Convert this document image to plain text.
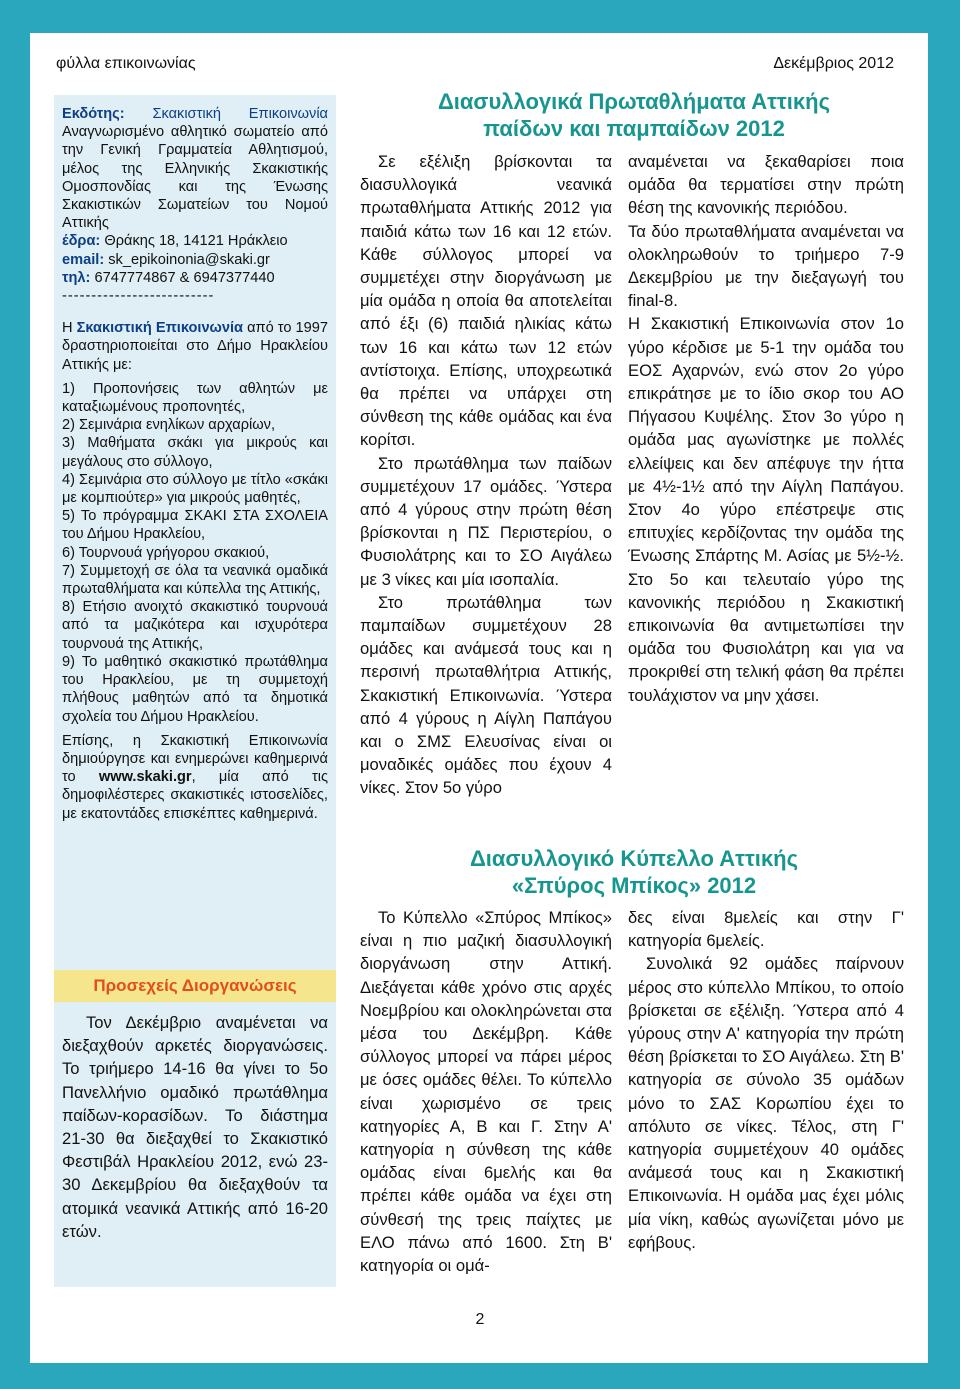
φύλλα επικοινωνίας	Δεκέμβριος 2012

Εκδότης: Σκακιστική Επικοινωνία Αναγνωρισμένο αθλητικό σωματείο από την Γενική Γραμματεία Αθλητισμού, μέλος της Ελληνικής Σκακιστικής Ομοσπονδίας και της Ένωσης Σκακιστικών Σωματείων του Νομού Αττικής

έδρα: Θράκης 18, 14121 Ηράκλειο

email: sk_epikoinonia@skaki.gr

τηλ: 6747774867 & 6947377440

--------------------------

Η Σκακιστική Επικοινωνία από το 1997 δραστηριοποιείται στο Δήμο Ηρακλείου Αττικής με:

1) Προπονήσεις των αθλητών με καταξιωμένους προπονητές,

2) Σεμινάρια ενηλίκων αρχαρίων,

3) Μαθήματα σκάκι για μικρούς και μεγάλους στο σύλλογο,

4) Σεμινάρια στο σύλλογο με τίτλο «σκάκι με κομπιούτερ» για μικρούς μαθητές,

5) Το πρόγραμμα ΣΚΑΚΙ ΣΤΑ ΣΧΟΛΕΙΑ του Δήμου Ηρακλείου,

6) Τουρνουά γρήγορου σκακιού,

7) Συμμετοχή σε όλα τα νεανικά ομαδικά πρωταθλήματα και κύπελλα της Αττικής,

8) Ετήσιο ανοιχτό σκακιστικό τουρνουά από τα μαζικότερα και ισχυρότερα τουρνουά της Αττικής,

9) Το μαθητικό σκακιστικό πρωτάθλημα του Ηρακλείου, με τη συμμετοχή πλήθους μαθητών από τα δημοτικά σχολεία του Δήμου Ηρακλείου.

Επίσης, η Σκακιστική Επικοινωνία δημιούργησε και ενημερώνει καθημερινά το www.skaki.gr, μία από τις δημοφιλέστερες σκακιστικές ιστοσελίδες, με εκατοντάδες επισκέπτες καθημερινά.

Προσεχείς Διοργανώσεις

Τον Δεκέμβριο αναμένεται να διεξαχθούν αρκετές διοργανώσεις. Το τριήμερο 14-16 θα γίνει το 5ο Πανελλήνιο ομαδικό πρωτάθλημα παίδων-κορασίδων. Το διάστημα 21-30 θα διεξαχθεί το Σκακιστικό Φεστιβάλ Ηρακλείου 2012, ενώ 23-30 Δεκεμβρίου θα διεξαχθούν τα ατομικά νεανικά Αττικής από 16-20 ετών.

Διασυλλογικά Πρωταθλήματα Αττικής
παίδων και παμπαίδων 2012

Σε εξέλιξη βρίσκονται τα διασυλλογικά νεανικά πρωταθλήματα Αττικής 2012 για παιδιά κάτω των 16 και 12 ετών. Κάθε σύλλογος μπορεί να συμμετέχει στην διοργάνωση με μία ομάδα η οποία θα αποτελείται από έξι (6) παιδιά ηλικίας κάτω των 16 και κάτω των 12 ετών αντίστοιχα. Επίσης, υποχρεωτικά θα πρέπει να υπάρχει στη σύνθεση της κάθε ομάδας και ένα κορίτσι.

Στο πρωτάθλημα των παίδων συμμετέχουν 17 ομάδες. Ύστερα από 4 γύρους στην πρώτη θέση βρίσκονται η ΠΣ Περιστερίου, ο Φυσιολάτρης και το ΣΟ Αιγάλεω με 3 νίκες και μία ισοπαλία.

Στο πρωτάθλημα των παμπαίδων συμμετέχουν 28 ομάδες και ανάμεσά τους και η περσινή πρωταθλήτρια Αττικής, Σκακιστική Επικοινωνία. Ύστερα από 4 γύρους η Αίγλη Παπάγου και ο ΣΜΣ Ελευσίνας είναι οι μοναδικές ομάδες που έχουν 4 νίκες. Στον 5ο γύρο

αναμένεται να ξεκαθαρίσει ποια ομάδα θα τερματίσει στην πρώτη θέση της κανονικής περιόδου.

Τα δύο πρωταθλήματα αναμένεται να ολοκληρωθούν το τριήμερο 7-9 Δεκεμβρίου με την διεξαγωγή του final-8.

Η Σκακιστική Επικοινωνία στον 1ο γύρο κέρδισε με 5-1 την ομάδα του ΕΟΣ Αχαρνών, ενώ στον 2ο γύρο επικράτησε με το ίδιο σκορ του ΑΟ Πήγασου Κυψέλης. Στον 3ο γύρο η ομάδα μας αγωνίστηκε με πολλές ελλείψεις και δεν απέφυγε την ήττα με 4½-1½ από την Αίγλη Παπάγου. Στον 4ο γύρο επέστρεψε στις επιτυχίες κερδίζοντας την ομάδα της Ένωσης Σπάρτης Μ. Ασίας με 5½-½. Στο 5ο και τελευταίο γύρο της κανονικής περιόδου η Σκακιστική επικοινωνία θα αντιμετωπίσει την ομάδα του Φυσιολάτρη και για να προκριθεί στη τελική φάση θα πρέπει τουλάχιστον να μην χάσει.

Διασυλλογικό Κύπελλο Αττικής
«Σπύρος Μπίκος» 2012

Το Κύπελλο «Σπύρος Μπίκος» είναι η πιο μαζική διασυλλογική διοργάνωση στην Αττική. Διεξάγεται κάθε χρόνο στις αρχές Νοεμβρίου και ολοκληρώνεται στα μέσα του Δεκέμβρη. Κάθε σύλλογος μπορεί να πάρει μέρος με όσες ομάδες θέλει. Το κύπελλο είναι χωρισμένο σε τρεις κατηγορίες Α, Β και Γ. Στην Α' κατηγορία η σύνθεση της κάθε ομάδας είναι 6μελής και θα πρέπει κάθε ομάδα να έχει στη σύνθεσή της τρεις παίχτες με ΕΛΟ πάνω από 1600. Στη Β' κατηγορία οι ομά-

δες είναι 8μελείς και στην Γ' κατηγορία 6μελείς.

Συνολικά 92 ομάδες παίρνουν μέρος στο κύπελλο Μπίκου, το οποίο βρίσκεται σε εξέλιξη. Ύστερα από 4 γύρους στην Α' κατηγορία την πρώτη θέση βρίσκεται το ΣΟ Αιγάλεω. Στη Β' κατηγορία σε σύνολο 35 ομάδων μόνο το ΣΑΣ Κορωπίου έχει το απόλυτο σε νίκες. Τέλος, στη Γ' κατηγορία συμμετέχουν 40 ομάδες ανάμεσά τους και η Σκακιστική Επικοινωνία. Η ομάδα μας έχει μόλις μία νίκη, καθώς αγωνίζεται μόνο με εφήβους.

2
